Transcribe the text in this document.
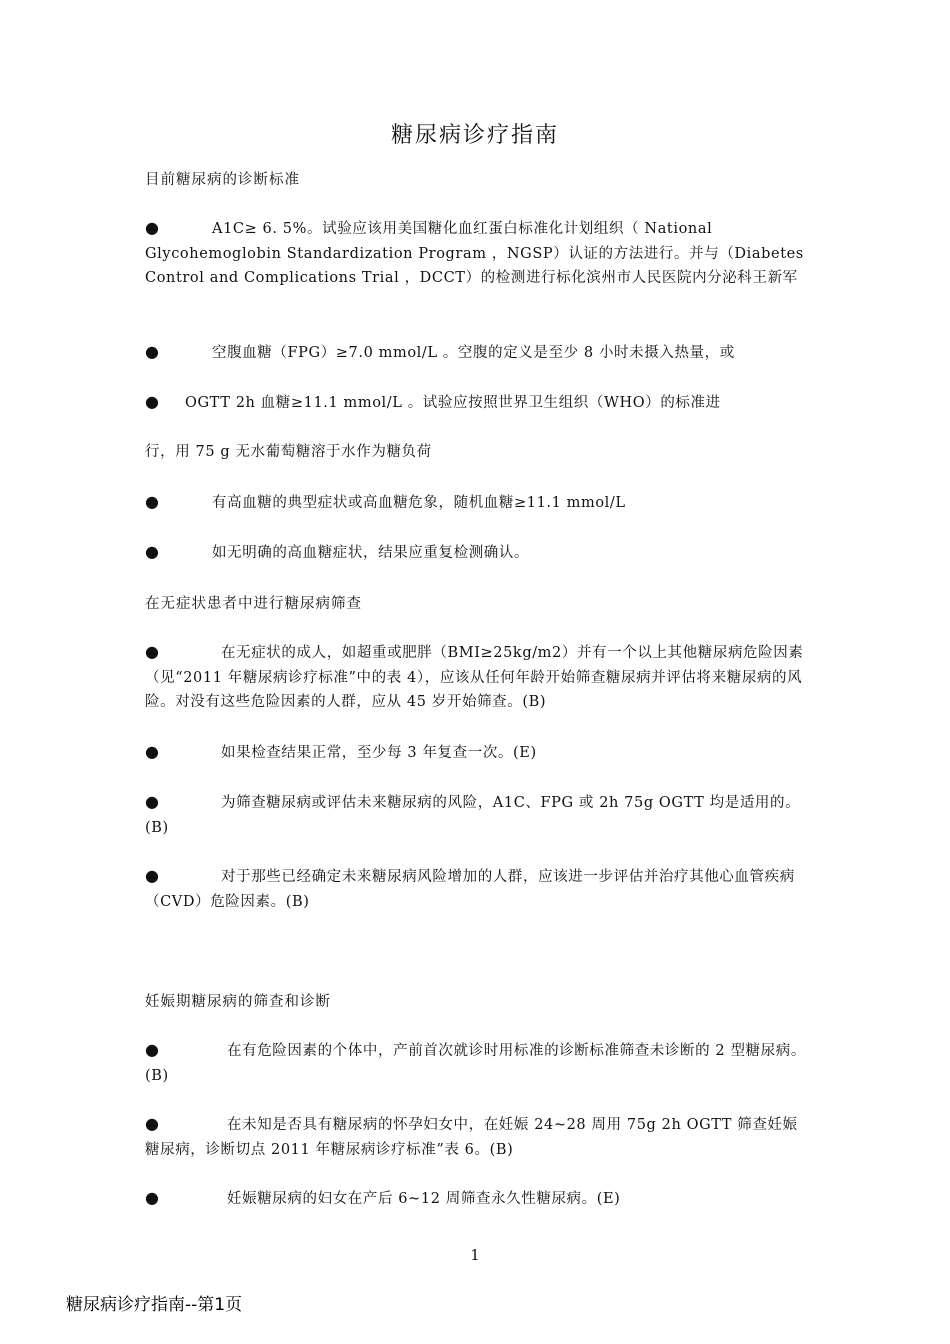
糖尿病诊疗指南
目前糖尿病的诊断标准
●	A1C≥ 6. 5%。试验应该用美国糖化血红蛋白标准化计划组织（ National Glycohemoglobin Standardization Program ，NGSP）认证的方法进行。并与（Diabetes Control and Complications Trial ，DCCT）的检测进行标化滨州市人民医院内分泌科王新军
●	空腹血糖（FPG）≥7.0 mmol/L 。空腹的定义是至少 8 小时未摄入热量，或
● OGTT 2h 血糖≥11.1 mmol/L 。试验应按照世界卫生组织（WHO）的标准进
行，用 75 g 无水葡萄糖溶于水作为糖负荷
●	有高血糖的典型症状或高血糖危象，随机血糖≥11.1 mmol/L
●	如无明确的高血糖症状，结果应重复检测确认。
在无症状患者中进行糖尿病筛查
●	在无症状的成人，如超重或肥胖（BMI≥25kg/m2）并有一个以上其他糖尿病危险因素（见“2011 年糖尿病诊疗标准”中的表 4），应该从任何年龄开始筛查糖尿病并评估将来糖尿病的风险。对没有这些危险因素的人群，应从 45 岁开始筛查。(B)
●	如果检查结果正常，至少每 3 年复查一次。(E)
●	为筛查糖尿病或评估未来糖尿病的风险，A1C、FPG 或 2h 75g OGTT 均是适用的。(B)
●	对于那些已经确定未来糖尿病风险增加的人群，应该进一步评估并治疗其他心血管疾病（CVD）危险因素。(B)
妊娠期糖尿病的筛查和诊断
●	在有危险因素的个体中，产前首次就诊时用标准的诊断标准筛查未诊断的 2 型糖尿病。(B)
●	在未知是否具有糖尿病的怀孕妇女中，在妊娠 24~28 周用 75g 2h OGTT 筛查妊娠糖尿病，诊断切点 2011 年糖尿病诊疗标准”表 6。(B)
●	妊娠糖尿病的妇女在产后 6~12 周筛查永久性糖尿病。(E)
1
糖尿病诊疗指南--第1页
